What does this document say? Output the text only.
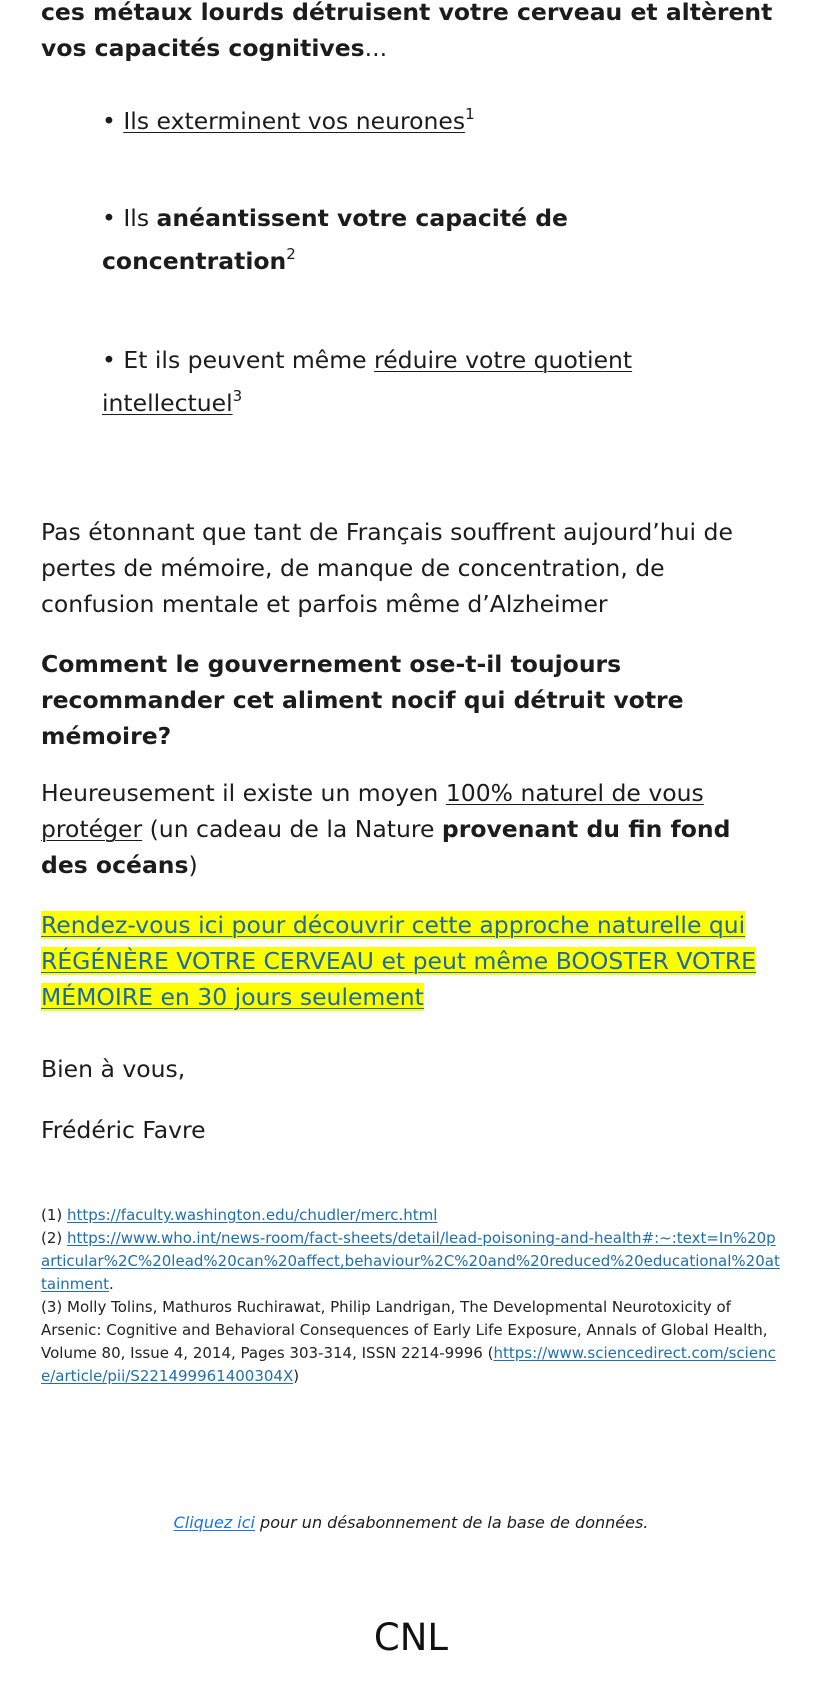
ces métaux lourds détruisent votre cerveau et altèrent vos capacités cognitives...

• Ils exterminent vos neurones$^1$
• Ils anéantissent votre capacité de concentration$^2$
• Et ils peuvent même réduire votre quotient intellectuel$^3$

Pas étonnant que tant de Français souffrent aujourd’hui de pertes de mémoire, de manque de concentration, de confusion mentale et parfois même d’Alzheimer

Comment le gouvernement ose-t-il toujours recommander cet aliment nocif qui détruit votre mémoire?

Heureusement il existe un moyen 100% naturel de vous protéger (un cadeau de la Nature provenant du fin fond des océans)

Rendez-vous ici pour découvrir cette approche naturelle qui RÉGÉNÈRE VOTRE CERVEAU et peut même BOOSTER VOTRE MÉMOIRE en 30 jours seulement

Bien à vous,

Frédéric Favre

(1) https://faculty.washington.edu/chudler/merc.html
(2) https://www.who.int/news-room/fact-sheets/detail/lead-poisoning-and-health#:~:text=In%20particular%2C%20lead%20can%20affect,behaviour%2C%20and%20reduced%20educational%20attainment.
(3) Molly Tolins, Mathuros Ruchirawat, Philip Landrigan, The Developmental Neurotoxicity of Arsenic: Cognitive and Behavioral Consequences of Early Life Exposure, Annals of Global Health, Volume 80, Issue 4, 2014, Pages 303-314, ISSN 2214-9996 (https://www.sciencedirect.com/science/article/pii/S221499961400304X)
Cliquez ici pour un désabonnement de la base de données.
CNL
